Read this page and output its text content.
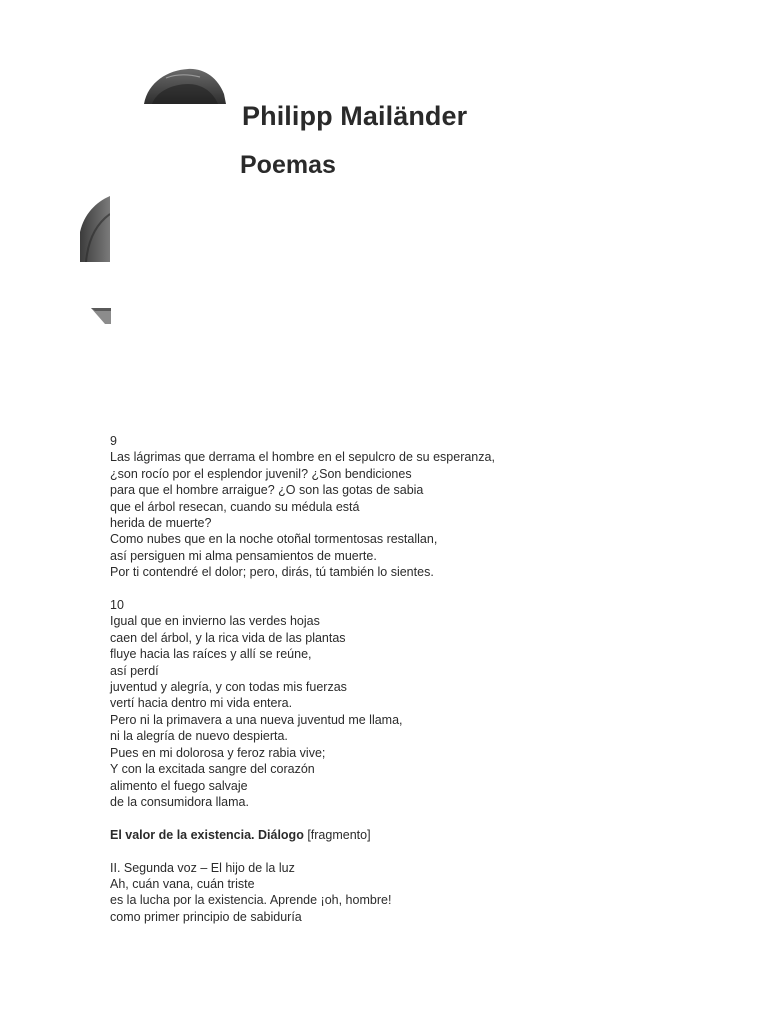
Philipp Mailänder
Poemas
9
Las lágrimas que derrama el hombre en el sepulcro de su esperanza,
¿son rocío por el esplendor juvenil? ¿Son bendiciones
para que el hombre arraigue? ¿O son las gotas de sabia
que el árbol resecan, cuando su médula está
herida de muerte?
Como nubes que en la noche otoñal tormentosas restallan,
así persiguen mi alma pensamientos de muerte.
Por ti contendré el dolor; pero, dirás, tú también lo sientes.
10
Igual que en invierno las verdes hojas
caen del árbol, y la rica vida de las plantas
fluye hacia las raíces y allí se reúne,
así perdí
juventud y alegría, y con todas mis fuerzas
vertí hacia dentro mi vida entera.
Pero ni la primavera a una nueva juventud me llama,
ni la alegría de nuevo despierta.
Pues en mi dolorosa y feroz rabia vive;
Y con la excitada sangre del corazón
alimento el fuego salvaje
de la consumidora llama.
El valor de la existencia. Diálogo [fragmento]
II. Segunda voz – El hijo de la luz
Ah, cuán vana, cuán triste
es la lucha por la existencia. Aprende ¡oh, hombre!
como primer principio de sabiduría
